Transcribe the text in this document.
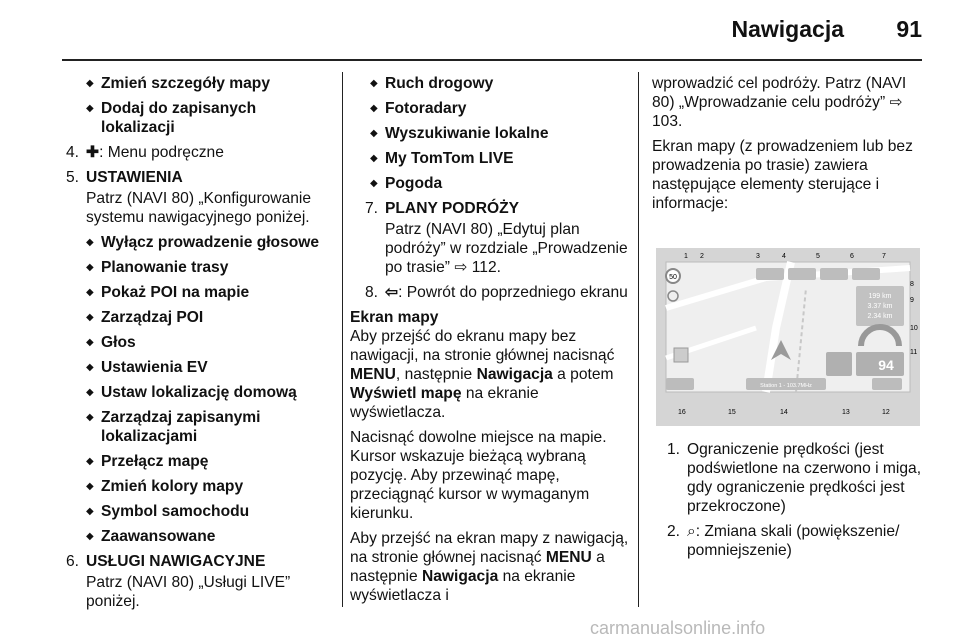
Nawigacja 91
◆ Zmień szczegóły mapy
◆ Dodaj do zapisanych lokalizacji
4. ✚: Menu podręczne
5. USTAWIENIA
Patrz (NAVI 80) „Konfigurowanie systemu nawigacyjnego poniżej.
◆ Wyłącz prowadzenie głosowe
◆ Planowanie trasy
◆ Pokaż POI na mapie
◆ Zarządzaj POI
◆ Głos
◆ Ustawienia EV
◆ Ustaw lokalizację domową
◆ Zarządzaj zapisanymi lokalizacjami
◆ Przełącz mapę
◆ Zmień kolory mapy
◆ Symbol samochodu
◆ Zaawansowane
6. USŁUGI NAWIGACYJNE
Patrz (NAVI 80) „Usługi LIVE” poniżej.
◆ Ruch drogowy
◆ Fotoradary
◆ Wyszukiwanie lokalne
◆ My TomTom LIVE
◆ Pogoda
7. PLANY PODRÓŻY
Patrz (NAVI 80) „Edytuj plan podróży” w rozdziale „Prowadzenie po trasie” ⇨ 112.
8. ⇦: Powrót do poprzedniego ekranu

Ekran mapy

Aby przejść do ekranu mapy bez nawigacji, na stronie głównej nacisnąć MENU, następnie Nawigacja a potem Wyświetl mapę na ekranie wyświetlacza.

Nacisnąć dowolne miejsce na mapie. Kursor wskazuje bieżącą wybraną pozycję. Aby przewinąć mapę, przeciągnąć kursor w wymaganym kierunku.

Aby przejść na ekran mapy z nawigacją, na stronie głównej nacisnąć MENU a następnie Nawigacja na ekranie wyświetlacza i

wprowadzić cel podróży. Patrz (NAVI 80) „Wprowadzanie celu podróży” ⇨ 103.

Ekran mapy (z prowadzeniem lub bez prowadzenia po trasie) zawiera następujące elementy sterujące i informacje:

50
199 km
3.37 km
2.34 km
94
Station 1 - 103.7MHz
1 2	3	4	5	6	7
8
9
10
11
16	15	14	13	12
1. Ograniczenie prędkości (jest podświetlone na czerwono i miga, gdy ograniczenie prędkości jest przekroczone)
2. ⌕: Zmiana skali (powiększenie/ pomniejszenie)
carmanualsonline.info
